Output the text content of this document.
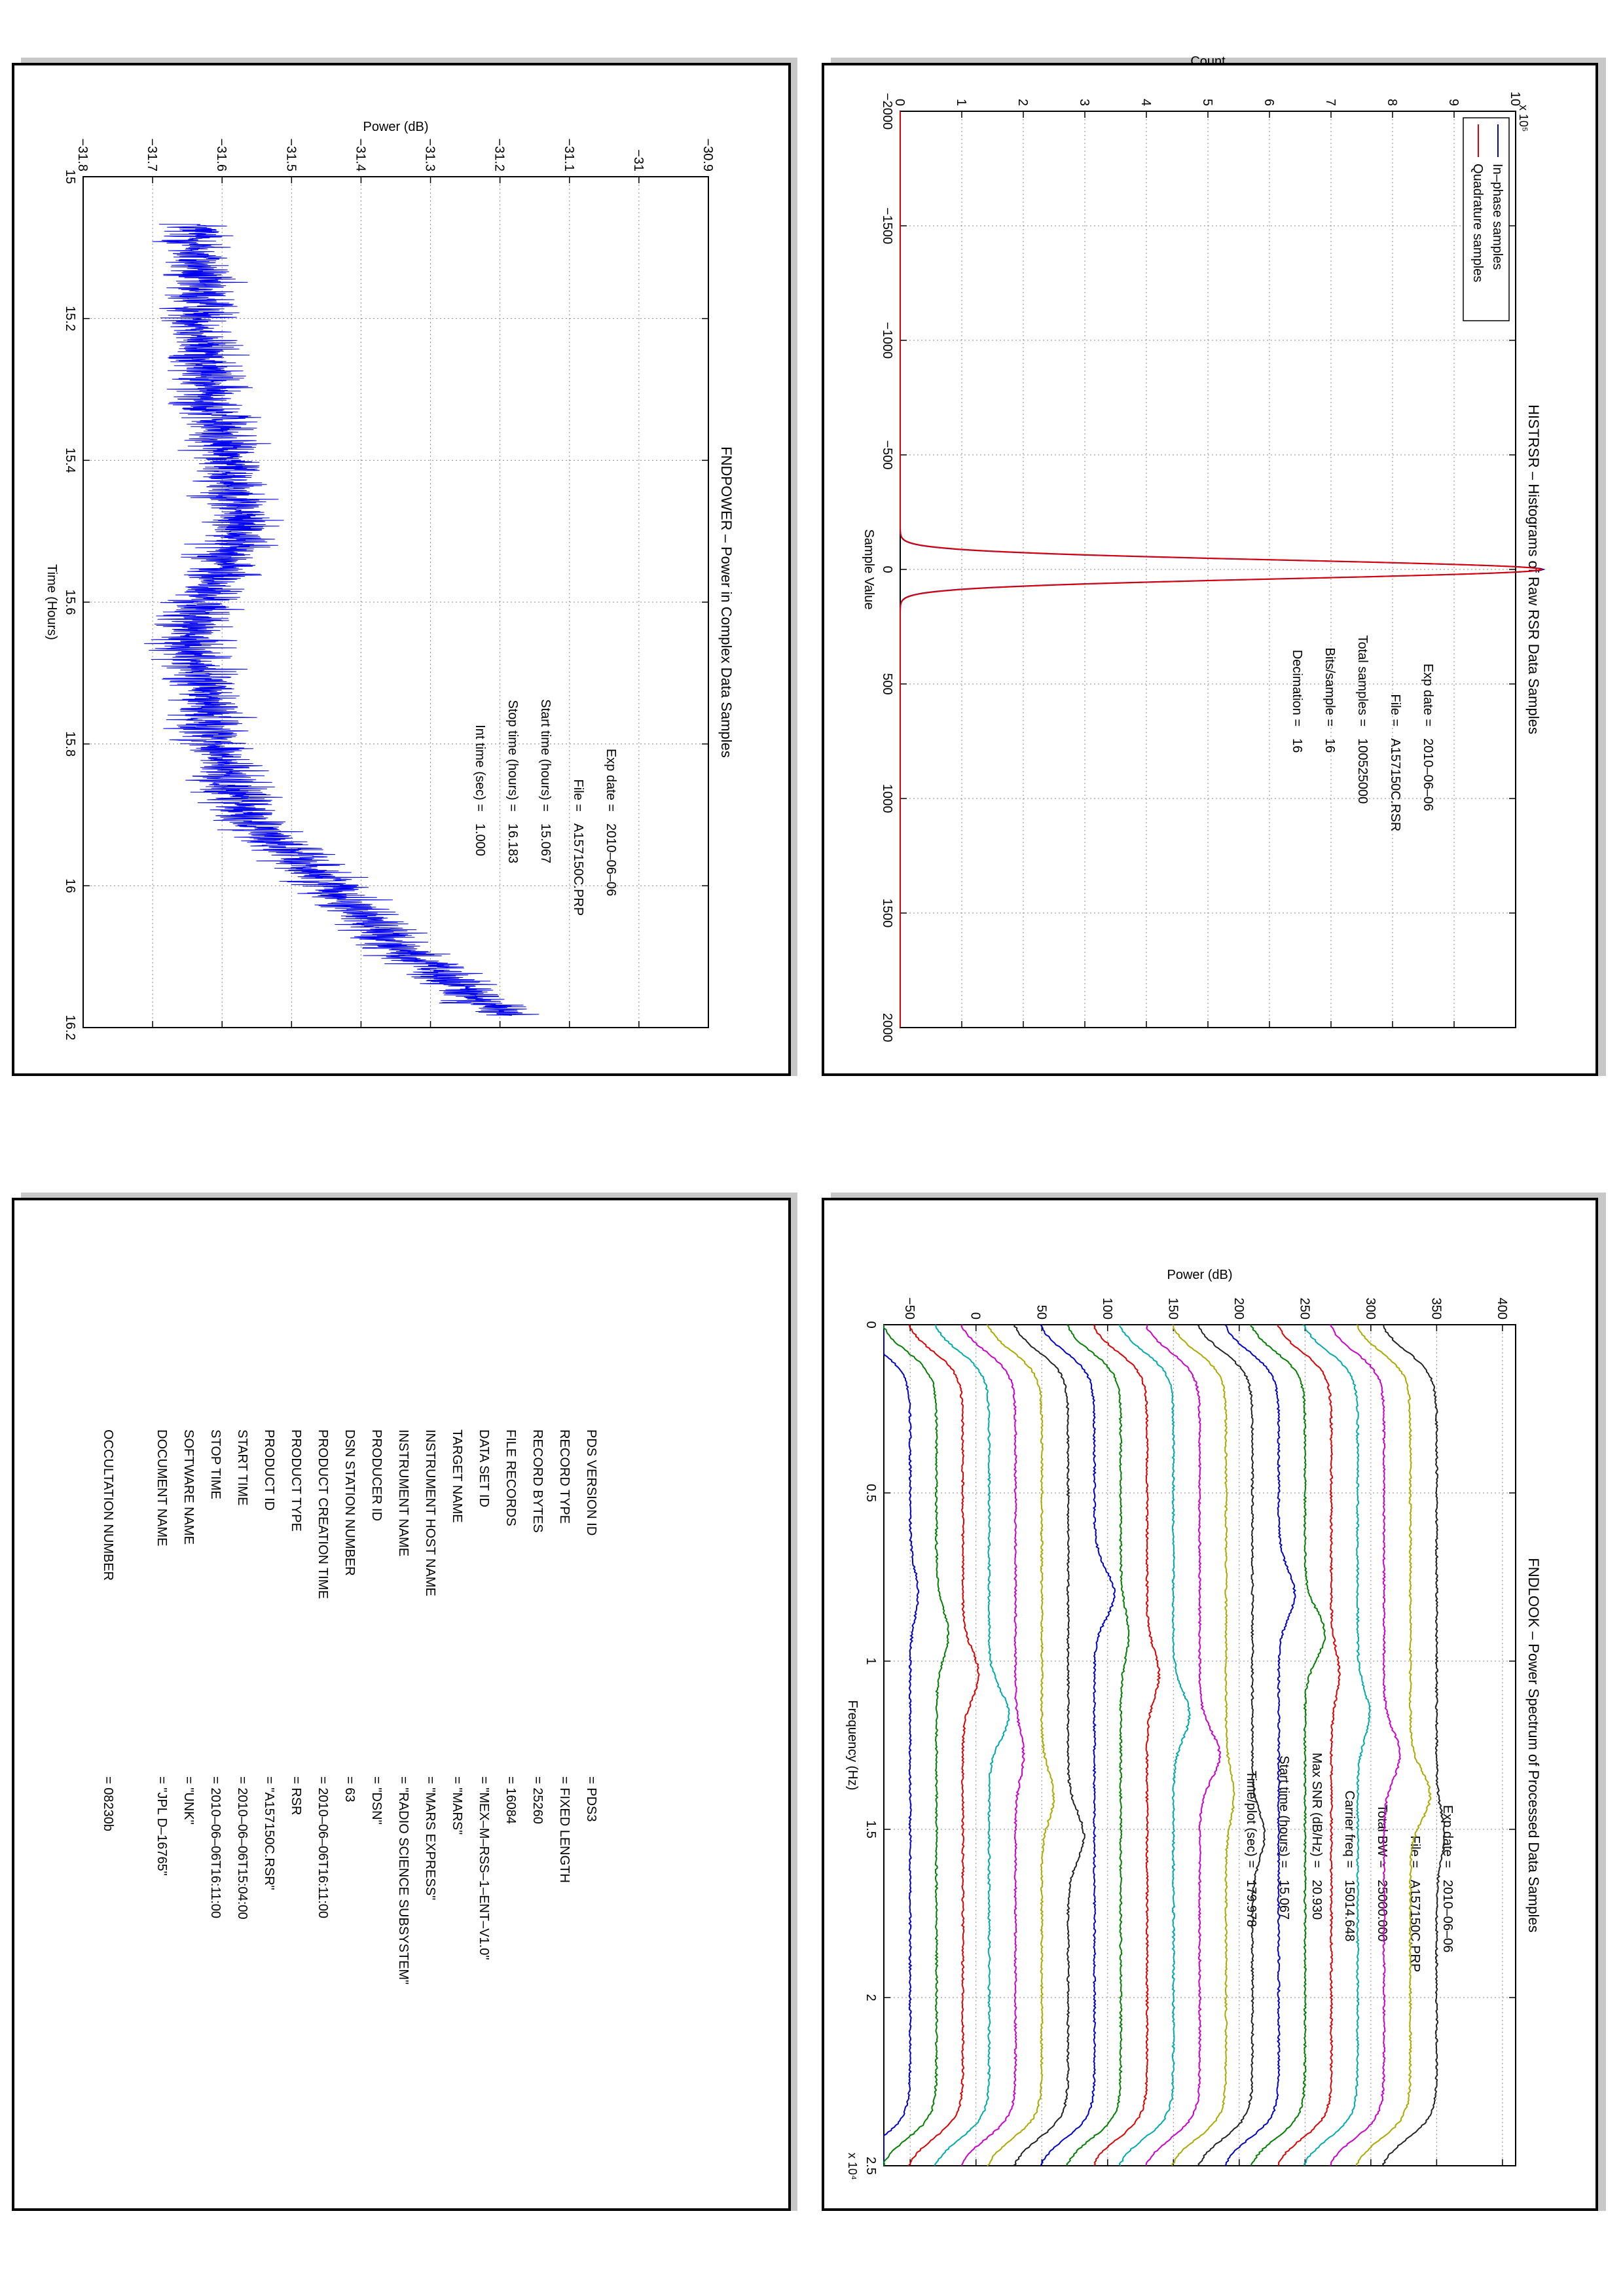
−2000
−1500
−1000
−500
0
500
1000
1500
2000
0	1	2	3	4	5	6	7	8	9	10
HISTRSR – Histograms of Raw RSR Data Samples
Sample Value
Count
Exp date =
2010–06–06
File =
A157150C.RSR
Total samples =
100525000
Bits/sample =
16
Decimation =
16
x 10⁵
In–phase samples
Quadrature samples
15
15.2
15.4
15.6
15.8
16
16.2
−31.8	−31.7	−31.6	−31.5	−31.4	−31.3	−31.2	−31.1	−31	−30.9
FNDPOWER – Power in Complex Data Samples
Time (Hours)
Power (dB)
Exp date =
2010–06–06
File =
A157150C.PRP
Start time (hours) =
15.067
Stop time (hours) =
16.183
Int time (sec) =
1.000
0
0.5
1
1.5
2
2.5
−50	0	50	100	150	200	250	300	350	400
FNDLOOK – Power Spectrum of Processed Data Samples
Frequency (Hz)
Power (dB)
Exp date =
2010–06–06
File =
A157150C.PRP
Total BW =
25000.000
Carrier freq =
15014.648
Max SNR (dB/Hz) =
20.930
Start time (hours) =
15.067
Time/plot (sec) =
179.978
x 10⁴
PDS VERSION ID
= PDS3
RECORD TYPE
= FIXED LENGTH
RECORD BYTES
= 25260
FILE RECORDS
= 16084
DATA SET ID
= "MEX–M–RSS–1–ENT–V1.0"
TARGET NAME
= "MARS"
INSTRUMENT HOST NAME
= "MARS EXPRESS"
INSTRUMENT NAME
= "RADIO SCIENCE SUBSYSTEM"
PRODUCER ID
= "DSN"
DSN STATION NUMBER
= 63
PRODUCT CREATION TIME
= 2010–06–06T16:11:00
PRODUCT TYPE
= RSR
PRODUCT ID
= "A157150C.RSR"
START TIME
= 2010–06–06T15:04:00
STOP TIME
= 2010–06–06T16:11:00
SOFTWARE NAME
= "UNK"
DOCUMENT NAME
= "JPL D–16765"
OCCULTATION NUMBER
= 08230b
